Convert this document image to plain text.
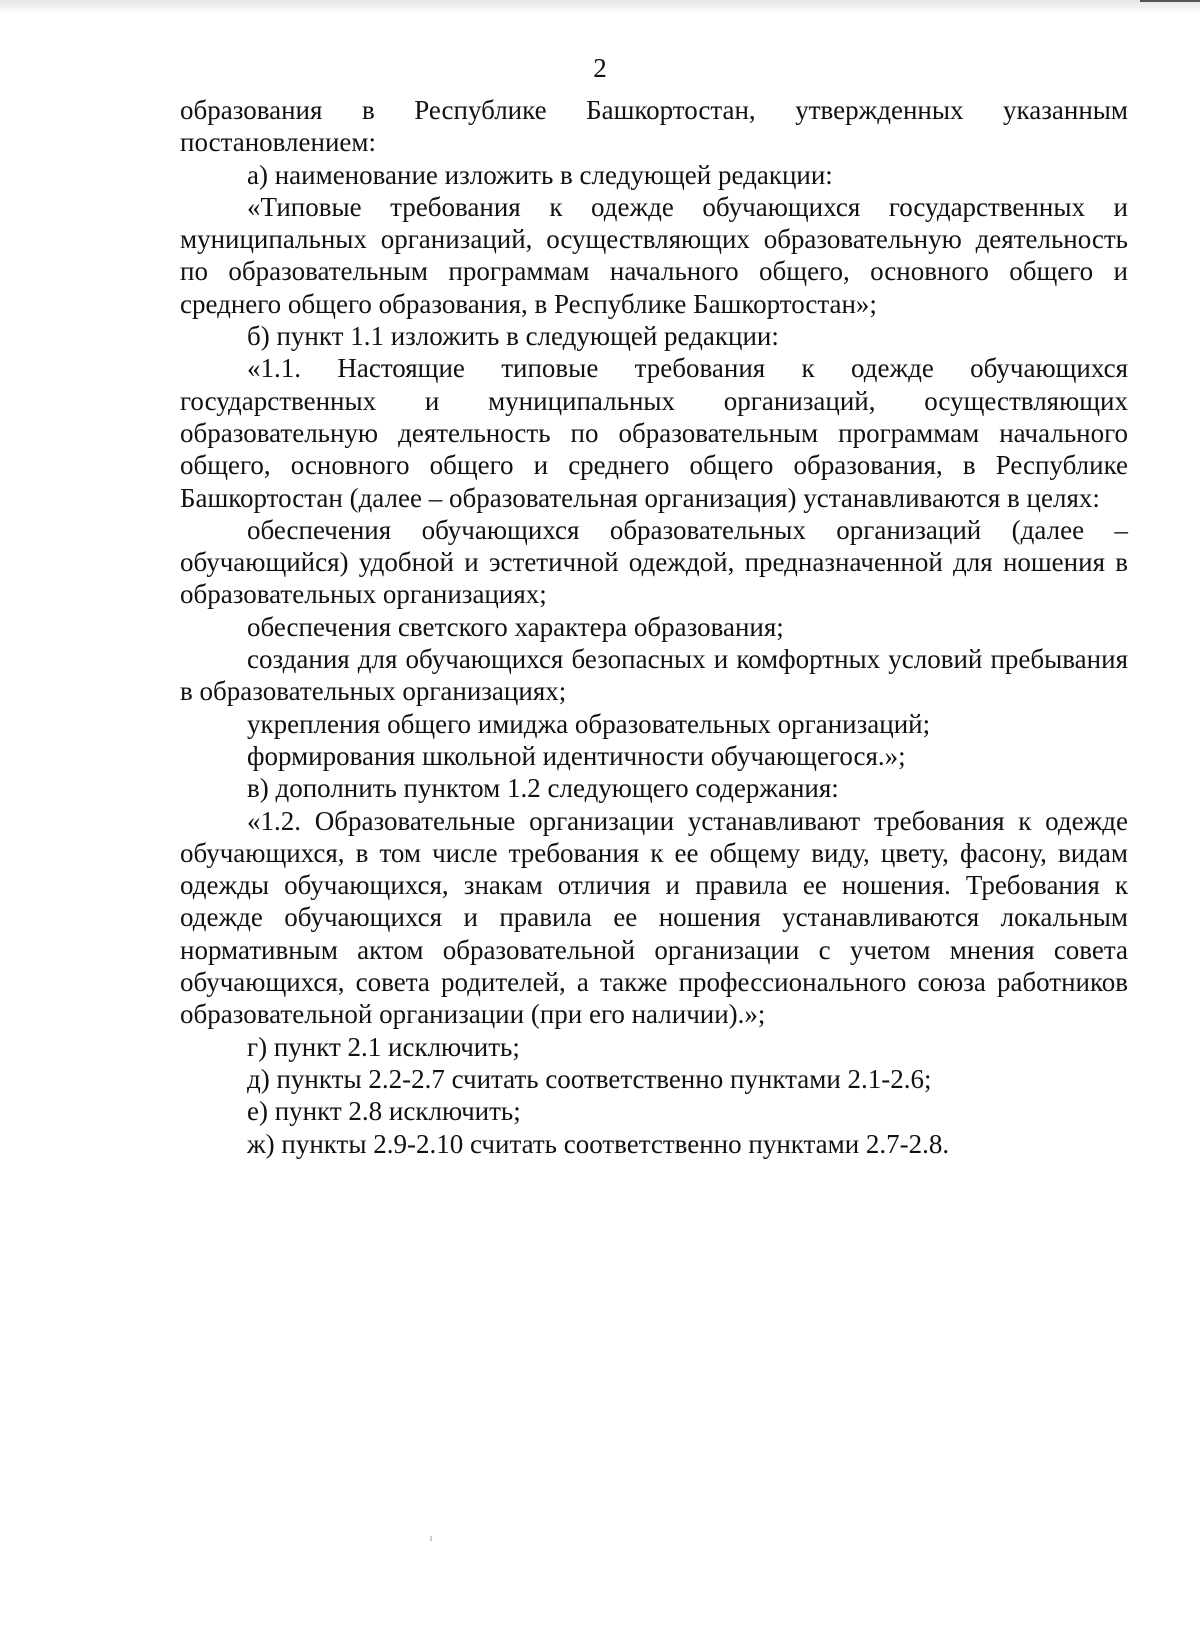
2

образования в Республике Башкортостан, утвержденных указанным постановлением:

а) наименование изложить в следующей редакции:

«Типовые требования к одежде обучающихся государственных и муниципальных организаций, осуществляющих образовательную деятельность по образовательным программам начального общего, основного общего и среднего общего образования, в Республике Башкортостан»;

б) пункт 1.1 изложить в следующей редакции:

«1.1. Настоящие типовые требования к одежде обучающихся государственных и муниципальных организаций, осуществляющих образовательную деятельность по образовательным программам начального общего, основного общего и среднего общего образования, в Республике Башкортостан (далее – образовательная организация) устанавливаются в целях:

обеспечения обучающихся образовательных организаций (далее – обучающийся) удобной и эстетичной одеждой, предназначенной для ношения в образовательных организациях;

обеспечения светского характера образования;

создания для обучающихся безопасных и комфортных условий пребывания в образовательных организациях;

укрепления общего имиджа образовательных организаций;

формирования школьной идентичности обучающегося.»;

в) дополнить пунктом 1.2 следующего содержания:

«1.2. Образовательные организации устанавливают требования к одежде обучающихся, в том числе требования к ее общему виду, цвету, фасону, видам одежды обучающихся, знакам отличия и правила ее ношения. Требования к одежде обучающихся и правила ее ношения устанавливаются локальным нормативным актом образовательной организации с учетом мнения совета обучающихся, совета родителей, а также профессионального союза работников образовательной организации (при его наличии).»;

г) пункт 2.1 исключить;

д) пункты 2.2-2.7 считать соответственно пунктами 2.1-2.6;

е) пункт 2.8 исключить;

ж) пункты 2.9-2.10 считать соответственно пунктами 2.7-2.8.
